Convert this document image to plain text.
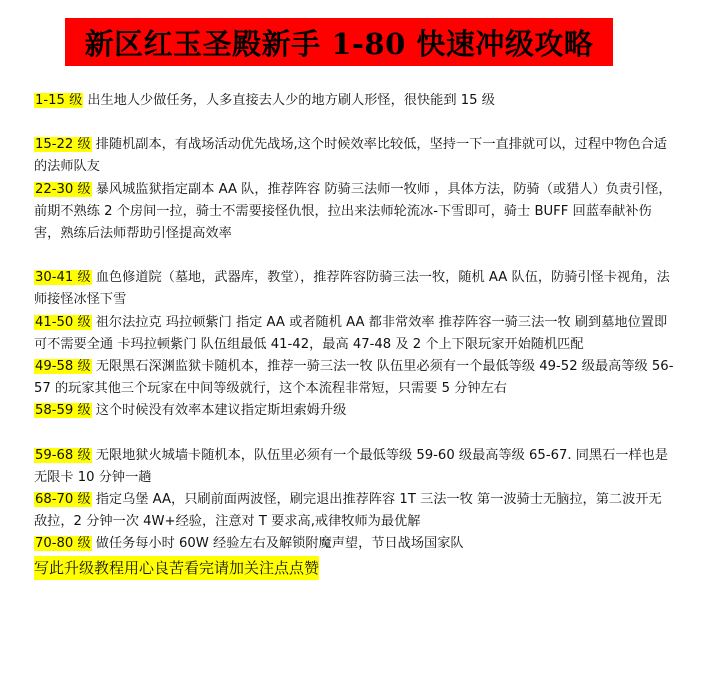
新区红玉圣殿新手 1-80 快速冲级攻略

1-15 级 出生地人少做任务，人多直接去人少的地方刷人形怪，很快能到 15 级

15-22 级 排随机副本，有战场活动优先战场,这个时候效率比较低，坚持一下一直排就可以，过程中物色合适的法师队友

22-30 级 暴风城监狱指定副本 AA 队，推荐阵容 防骑三法师一牧师 ，具体方法，防骑（或猎人）负责引怪，前期不熟练 2 个房间一拉，骑士不需要接怪仇恨，拉出来法师轮流冰-下雪即可，骑士 BUFF 回蓝奉献补伤害，熟练后法师帮助引怪提高效率

30-41 级 血色修道院（墓地，武器库，教堂），推荐阵容防骑三法一牧，随机 AA 队伍，防骑引怪卡视角，法师接怪冰怪下雪

41-50 级 祖尔法拉克 玛拉顿紫门 指定 AA 或者随机 AA 都非常效率 推荐阵容一骑三法一牧 刷到墓地位置即可不需要全通 卡玛拉顿紫门 队伍组最低 41-42，最高 47-48 及 2 个上下限玩家开始随机匹配

49-58 级 无限黑石深渊监狱卡随机本，推荐一骑三法一牧 队伍里必须有一个最低等级 49-52 级最高等级 56-57 的玩家其他三个玩家在中间等级就行，这个本流程非常短，只需要 5 分钟左右

58-59 级 这个时候没有效率本建议指定斯坦索姆升级

59-68 级 无限地狱火城墙卡随机本，队伍里必须有一个最低等级 59-60 级最高等级 65-67. 同黑石一样也是无限卡 10 分钟一趟

68-70 级 指定乌堡 AA，只刷前面两波怪，刷完退出推荐阵容 1T 三法一牧 第一波骑士无脑拉，第二波开无敌拉，2 分钟一次 4W+经验，注意对 T 要求高,戒律牧师为最优解

70-80 级 做任务每小时 60W 经验左右及解锁附魔声望，节日战场国家队

写此升级教程用心良苦看完请加关注点点赞
